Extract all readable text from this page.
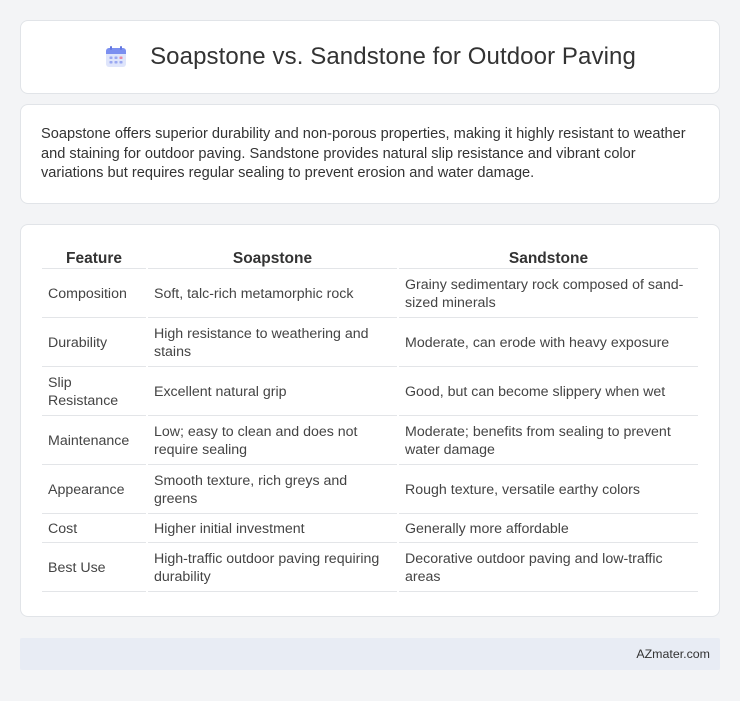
Soapstone vs. Sandstone for Outdoor Paving

Soapstone offers superior durability and non-porous properties, making it highly resistant to weather and staining for outdoor paving. Sandstone provides natural slip resistance and vibrant color variations but requires regular sealing to prevent erosion and water damage.

Feature	Soapstone	Sandstone
Composition	Soft, talc-rich metamorphic rock	Grainy sedimentary rock composed of sand-sized minerals
Durability	High resistance to weathering and stains	Moderate, can erode with heavy exposure
Slip Resistance	Excellent natural grip	Good, but can become slippery when wet
Maintenance	Low; easy to clean and does not require sealing	Moderate; benefits from sealing to prevent water damage
Appearance	Smooth texture, rich greys and greens	Rough texture, versatile earthy colors
Cost	Higher initial investment	Generally more affordable
Best Use	High-traffic outdoor paving requiring durability	Decorative outdoor paving and low-traffic areas
AZmater.com
